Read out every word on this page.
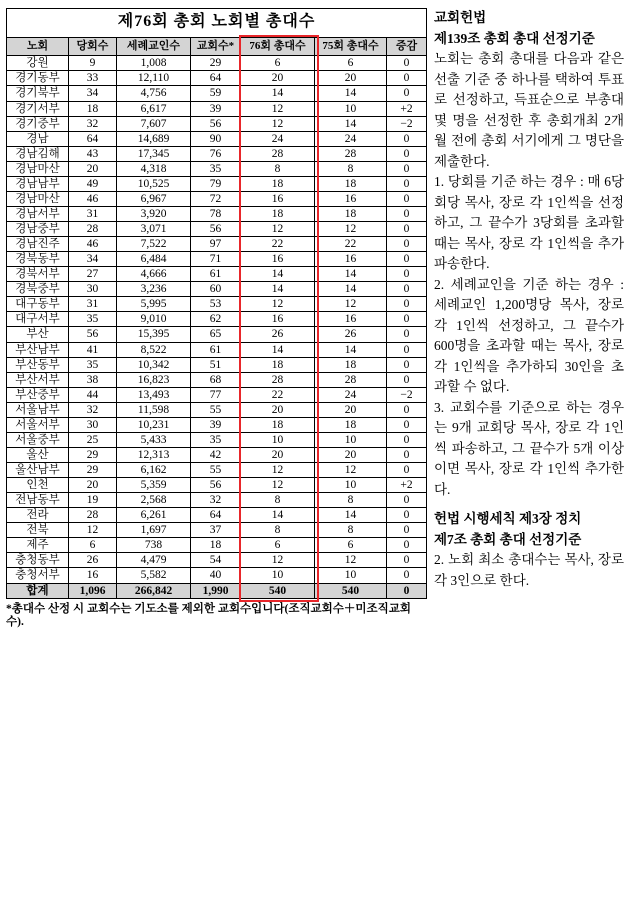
제76회 총회 노회별 총대수						
노회	당회수	세례교인수	교회수*	76회 총대수	75회 총대수	증감
강원	9	1,008	29	6	6	0
경기동부	33	12,110	64	20	20	0
경기북부	34	4,756	59	14	14	0
경기서부	18	6,617	39	12	10	+2
경기중부	32	7,607	56	12	14	−2
경남	64	14,689	90	24	24	0
경남김해	43	17,345	76	28	28	0
경남마산	20	4,318	35	8	8	0
경남남부	49	10,525	79	18	18	0
경남마산	46	6,967	72	16	16	0
경남서부	31	3,920	78	18	18	0
경남중부	28	3,071	56	12	12	0
경남진주	46	7,522	97	22	22	0
경북동부	34	6,484	71	16	16	0
경북서부	27	4,666	61	14	14	0
경북중부	30	3,236	60	14	14	0
대구동부	31	5,995	53	12	12	0
대구서부	35	9,010	62	16	16	0
부산	56	15,395	65	26	26	0
부산남부	41	8,522	61	14	14	0
부산동부	35	10,342	51	18	18	0
부산서부	38	16,823	68	28	28	0
부산중부	44	13,493	77	22	24	−2
서울남부	32	11,598	55	20	20	0
서울서부	30	10,231	39	18	18	0
서울중부	25	5,433	35	10	10	0
울산	29	12,313	42	20	20	0
울산남부	29	6,162	55	12	12	0
인천	20	5,359	56	12	10	+2
전남동부	19	2,568	32	8	8	0
전라	28	6,261	64	14	14	0
전북	12	1,697	37	8	8	0
제주	6	738	18	6	6	0
충청동부	26	4,479	54	12	12	0
충청서부	16	5,582	40	10	10	0
합계	1,096	266,842	1,990	540	540	0
*총대수 산정 시 교회수는 기도소를 제외한 교회수입니다(조직교회수＋미조직교회수).

교회헌법

제139조 총회 총대 선정기준

노회는 총회 총대를 다음과 같은 선출 기준 중 하나를 택하여 투표로 선정하고, 득표순으로 부총대 몇 명을 선정한 후 총회개최 2개월 전에 총회 서기에게 그 명단을 제출한다.

1. 당회를 기준 하는 경우 : 매 6당회당 목사, 장로 각 1인씩을 선정하고, 그 끝수가 3당회를 초과할 때는 목사, 장로 각 1인씩을 추가 파송한다.

2. 세례교인을 기준 하는 경우 : 세례교인 1,200명당 목사, 장로 각 1인씩 선정하고, 그 끝수가 600명을 초과할 때는 목사, 장로 각 1인씩을 추가하되 30인을 초과할 수 없다.

3. 교회수를 기준으로 하는 경우는 9개 교회당 목사, 장로 각 1인씩 파송하고, 그 끝수가 5개 이상이면 목사, 장로 각 1인씩 추가한다.

헌법 시행세칙 제3장 정치

제7조 총회 총대 선정기준

2. 노회 최소 총대수는 목사, 장로 각 3인으로 한다.
